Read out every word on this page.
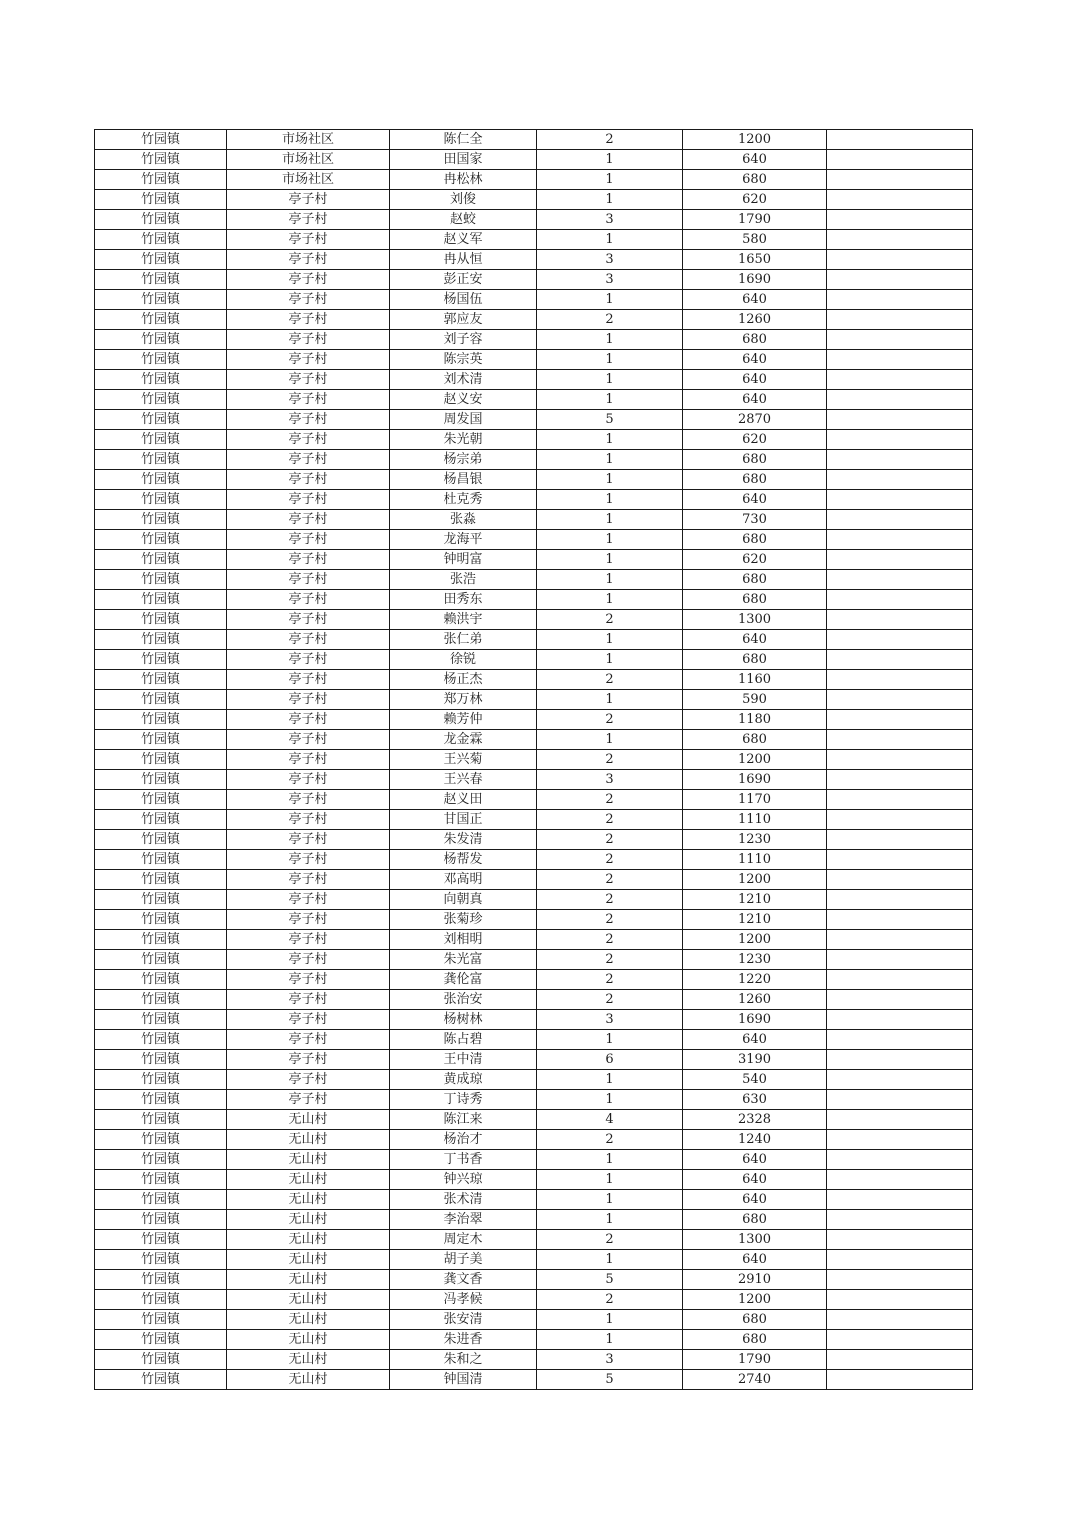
竹园镇	市场社区	陈仁全	2	1200	
竹园镇	市场社区	田国家	1	640	
竹园镇	市场社区	冉松林	1	680	
竹园镇	亭子村	刘俊	1	620	
竹园镇	亭子村	赵蛟	3	1790	
竹园镇	亭子村	赵义军	1	580	
竹园镇	亭子村	冉从恒	3	1650	
竹园镇	亭子村	彭正安	3	1690	
竹园镇	亭子村	杨国伍	1	640	
竹园镇	亭子村	郭应友	2	1260	
竹园镇	亭子村	刘子容	1	680	
竹园镇	亭子村	陈宗英	1	640	
竹园镇	亭子村	刘术清	1	640	
竹园镇	亭子村	赵义安	1	640	
竹园镇	亭子村	周发国	5	2870	
竹园镇	亭子村	朱光朝	1	620	
竹园镇	亭子村	杨宗弟	1	680	
竹园镇	亭子村	杨昌银	1	680	
竹园镇	亭子村	杜克秀	1	640	
竹园镇	亭子村	张淼	1	730	
竹园镇	亭子村	龙海平	1	680	
竹园镇	亭子村	钟明富	1	620	
竹园镇	亭子村	张浩	1	680	
竹园镇	亭子村	田秀东	1	680	
竹园镇	亭子村	赖洪宇	2	1300	
竹园镇	亭子村	张仁弟	1	640	
竹园镇	亭子村	徐锐	1	680	
竹园镇	亭子村	杨正杰	2	1160	
竹园镇	亭子村	郑万林	1	590	
竹园镇	亭子村	赖芳仲	2	1180	
竹园镇	亭子村	龙金霖	1	680	
竹园镇	亭子村	王兴菊	2	1200	
竹园镇	亭子村	王兴春	3	1690	
竹园镇	亭子村	赵义田	2	1170	
竹园镇	亭子村	甘国正	2	1110	
竹园镇	亭子村	朱发清	2	1230	
竹园镇	亭子村	杨帮发	2	1110	
竹园镇	亭子村	邓高明	2	1200	
竹园镇	亭子村	向朝真	2	1210	
竹园镇	亭子村	张菊珍	2	1210	
竹园镇	亭子村	刘相明	2	1200	
竹园镇	亭子村	朱光富	2	1230	
竹园镇	亭子村	龚伦富	2	1220	
竹园镇	亭子村	张治安	2	1260	
竹园镇	亭子村	杨树林	3	1690	
竹园镇	亭子村	陈占碧	1	640	
竹园镇	亭子村	王中清	6	3190	
竹园镇	亭子村	黄成琼	1	540	
竹园镇	亭子村	丁诗秀	1	630	
竹园镇	无山村	陈江来	4	2328	
竹园镇	无山村	杨治才	2	1240	
竹园镇	无山村	丁书香	1	640	
竹园镇	无山村	钟兴琼	1	640	
竹园镇	无山村	张术清	1	640	
竹园镇	无山村	李治翠	1	680	
竹园镇	无山村	周定木	2	1300	
竹园镇	无山村	胡子美	1	640	
竹园镇	无山村	龚文香	5	2910	
竹园镇	无山村	冯孝候	2	1200	
竹园镇	无山村	张安清	1	680	
竹园镇	无山村	朱进香	1	680	
竹园镇	无山村	朱和之	3	1790	
竹园镇	无山村	钟国清	5	2740	
